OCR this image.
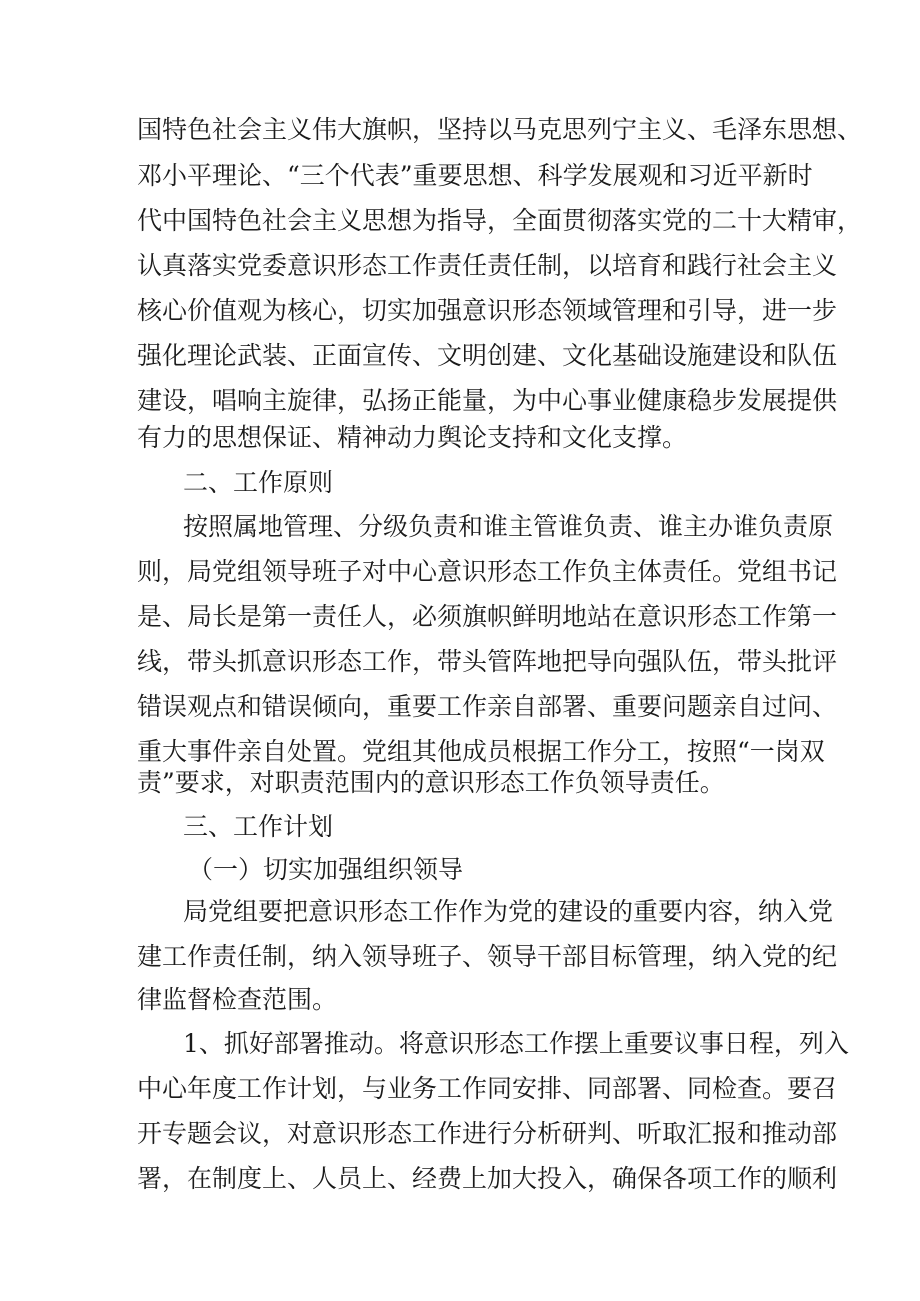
国特色社会主义伟大旗帜，坚持以马克思列宁主义、毛泽东思想、
邓小平理论、“三个代表”重要思想、科学发展观和习近平新时
代中国特色社会主义思想为指导，全面贯彻落实党的二十大精审，
认真落实党委意识形态工作责任责任制，以培育和践行社会主义
核心价值观为核心，切实加强意识形态领域管理和引导，进一步
强化理论武装、正面宣传、文明创建、文化基础设施建设和队伍
建设，唱响主旋律，弘扬正能量，为中心事业健康稳步发展提供
有力的思想保证、精神动力舆论支持和文化支撑。
二、工作原则
按照属地管理、分级负责和谁主管谁负责、谁主办谁负责原
则，局党组领导班子对中心意识形态工作负主体责任。党组书记
是、局长是第一责任人，必须旗帜鲜明地站在意识形态工作第一
线，带头抓意识形态工作，带头管阵地把导向强队伍，带头批评
错误观点和错误倾向，重要工作亲自部署、重要问题亲自过问、
重大事件亲自处置。党组其他成员根据工作分工，按照“一岗双
责”要求，对职责范围内的意识形态工作负领导责任。
三、工作计划
（一）切实加强组织领导
局党组要把意识形态工作作为党的建设的重要内容，纳入党
建工作责任制，纳入领导班子、领导干部目标管理，纳入党的纪
律监督检查范围。
1、抓好部署推动。将意识形态工作摆上重要议事日程，列入
中心年度工作计划，与业务工作同安排、同部署、同检查。要召
开专题会议，对意识形态工作进行分析研判、听取汇报和推动部
署，在制度上、人员上、经费上加大投入，确保各项工作的顺利
